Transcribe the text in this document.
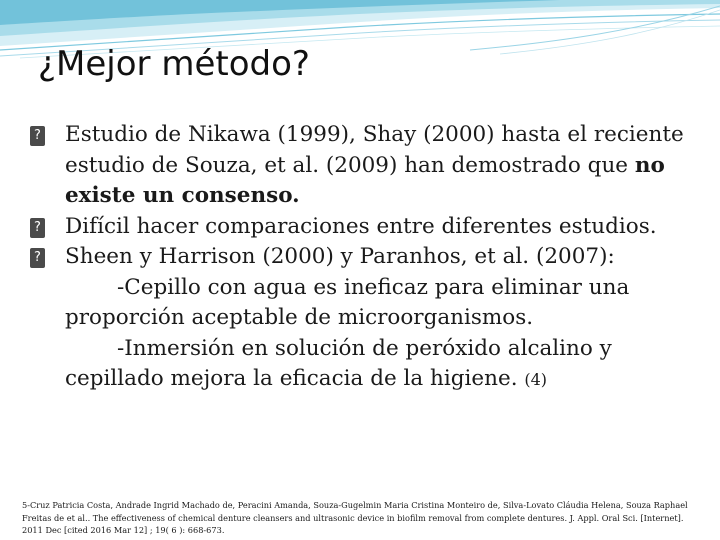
¿Mejor método?

? Estudio de Nikawa (1999), Shay (2000) hasta el reciente estudio de Souza, et al. (2009) han demostrado que no existe un consenso.

? Difícil hacer comparaciones entre diferentes estudios.

? Sheen y Harrison (2000) y Paranhos, et al. (2007):
-Cepillo con agua es ineficaz para eliminar una proporción aceptable de microorganismos.
-Inmersión en solución de peróxido alcalino y cepillado mejora la eficacia de la higiene. (4)

5-Cruz Patricia Costa, Andrade Ingrid Machado de, Peracini Amanda, Souza-Gugelmin Maria Cristina Monteiro de, Silva-Lovato Cláudia Helena, Souza Raphael Freitas de et al.. The effectiveness of chemical denture cleansers and ultrasonic device in biofilm removal from complete dentures. J. Appl. Oral Sci. [Internet]. 2011 Dec [cited 2016 Mar 12] ; 19( 6 ): 668-673.
